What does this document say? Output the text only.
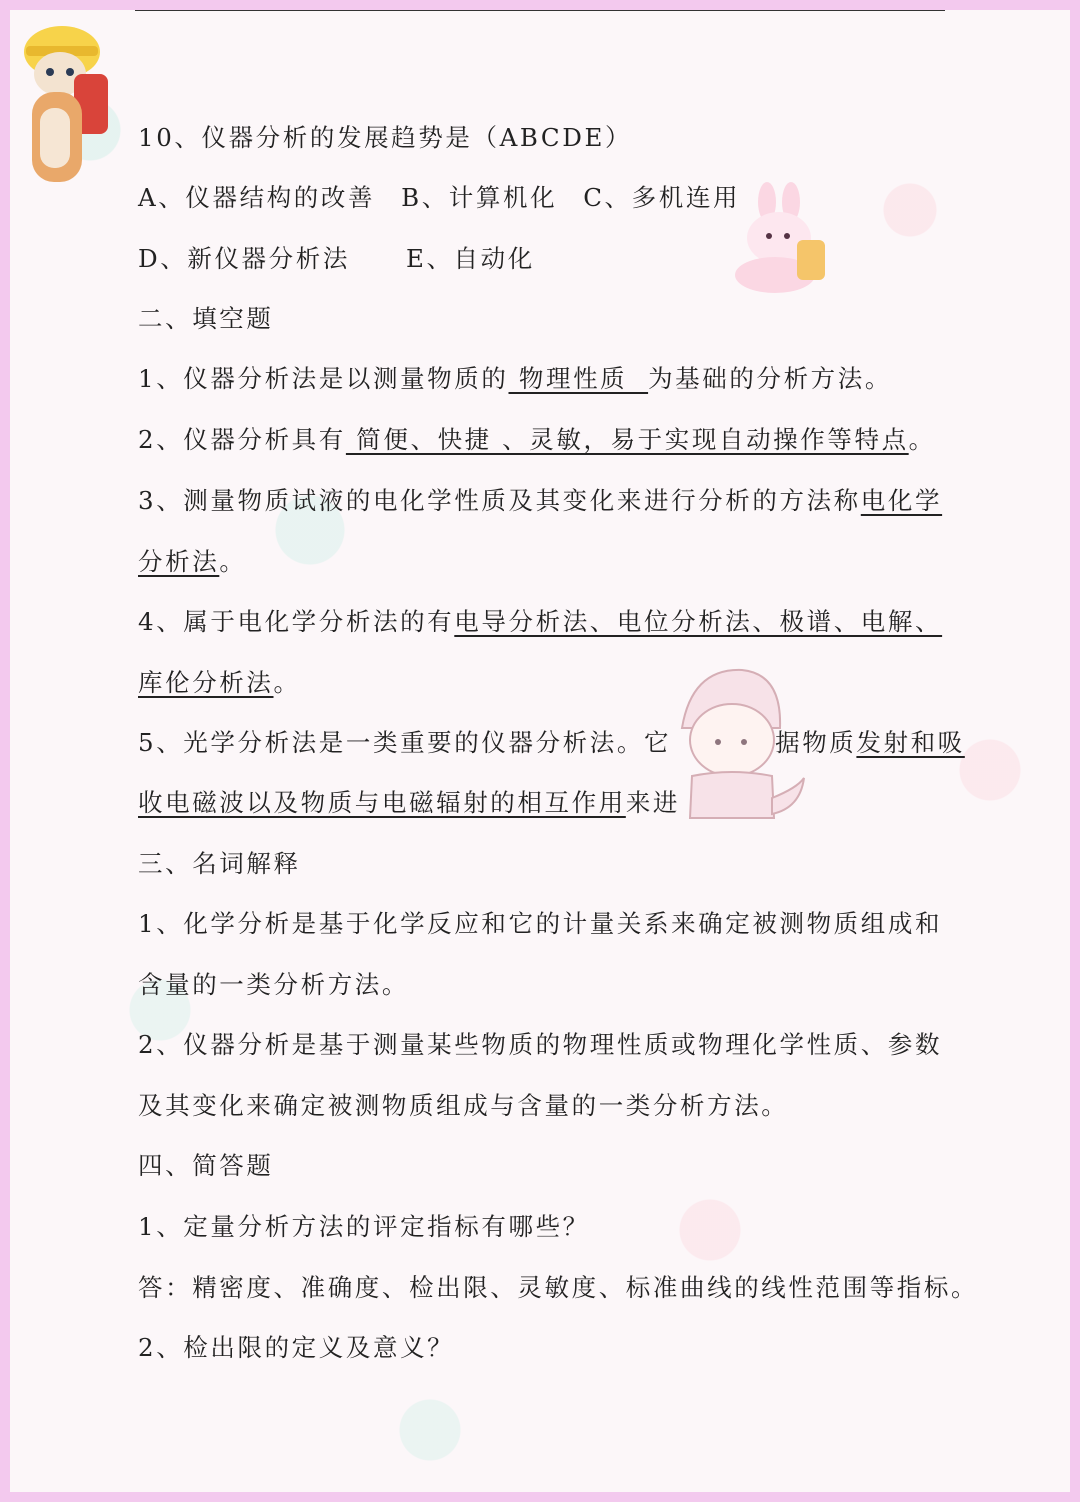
10、仪器分析的发展趋势是（ABCDE）
A、仪器结构的改善 B、计算机化 C、多机连用
D、新仪器分析法 E、自动化
二、填空题
1、仪器分析法是以测量物质的 物理性质  为基础的分析方法。
2、仪器分析具有 简便、快捷 、灵敏，易于实现自动操作等特点。
3、测量物质试液的电化学性质及其变化来进行分析的方法称电化学
分析法。
4、属于电化学分析法的有电导分析法、电位分析法、极谱、电解、
库伦分析法。
5、光学分析法是一类重要的仪器分析法。它	据物质发射和吸
收电磁波以及物质与电磁辐射的相互作用来进
三、名词解释
1、化学分析是基于化学反应和它的计量关系来确定被测物质组成和
含量的一类分析方法。
2、仪器分析是基于测量某些物质的物理性质或物理化学性质、参数
及其变化来确定被测物质组成与含量的一类分析方法。
四、简答题
1、定量分析方法的评定指标有哪些？
答：精密度、准确度、检出限、灵敏度、标准曲线的线性范围等指标。
2、检出限的定义及意义？
